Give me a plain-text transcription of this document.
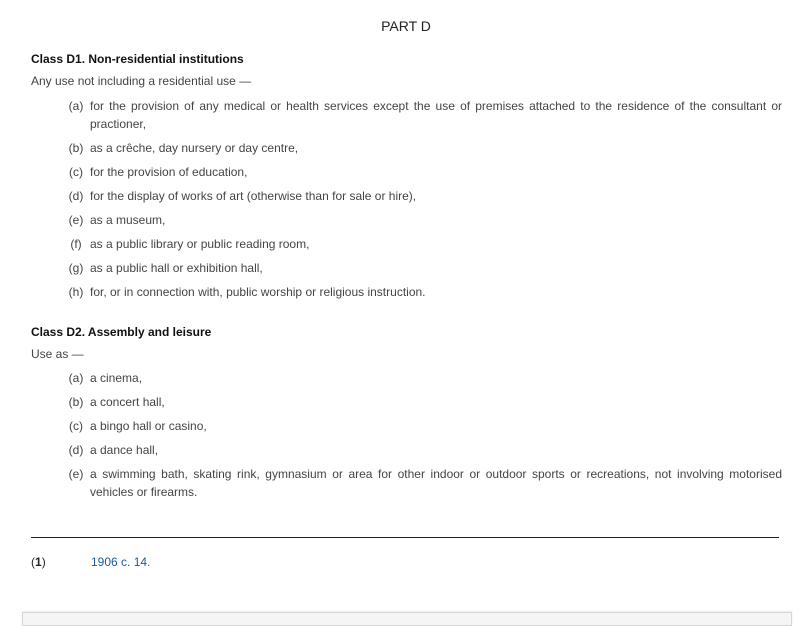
PART D
Class D1. Non-residential institutions
Any use not including a residential use —
(a) for the provision of any medical or health services except the use of premises attached to the residence of the consultant or practioner,
(b) as a crêche, day nursery or day centre,
(c) for the provision of education,
(d) for the display of works of art (otherwise than for sale or hire),
(e) as a museum,
(f) as a public library or public reading room,
(g) as a public hall or exhibition hall,
(h) for, or in connection with, public worship or religious instruction.
Class D2. Assembly and leisure
Use as —
(a) a cinema,
(b) a concert hall,
(c) a bingo hall or casino,
(d) a dance hall,
(e) a swimming bath, skating rink, gymnasium or area for other indoor or outdoor sports or recreations, not involving motorised vehicles or firearms.
(1)	1906 c. 14.
